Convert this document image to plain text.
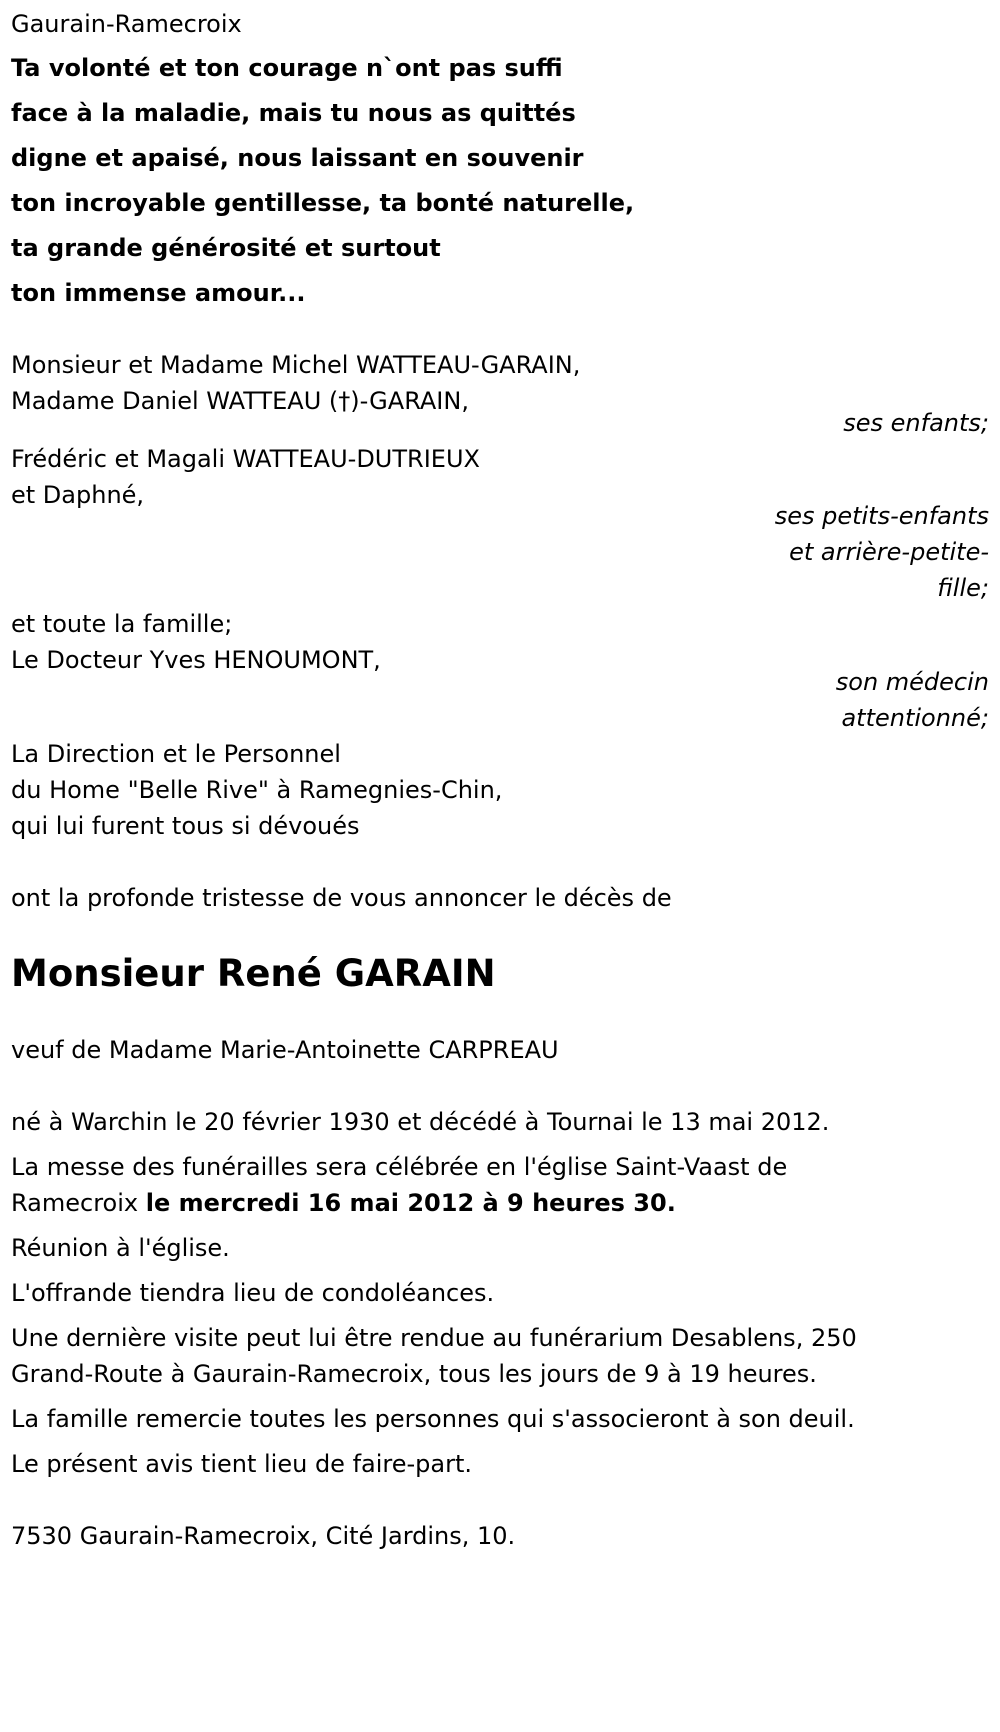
Gaurain-Ramecroix
Ta volonté et ton courage n`ont pas suffi
face à la maladie, mais tu nous as quittés
digne et apaisé, nous laissant en souvenir
ton incroyable gentillesse, ta bonté naturelle,
ta grande générosité et surtout
ton immense amour...
Monsieur et Madame Michel WATTEAU-GARAIN,
Madame Daniel WATTEAU (†)-GARAIN,
ses enfants;
Frédéric et Magali WATTEAU-DUTRIEUX
et Daphné,
ses petits-enfants
et arrière-petite-
fille;
et toute la famille;
Le Docteur Yves HENOUMONT,
son médecin
attentionné;
La Direction et le Personnel
du Home "Belle Rive" à Ramegnies-Chin,
qui lui furent tous si dévoués
ont la profonde tristesse de vous annoncer le décès de
Monsieur René GARAIN
veuf de Madame Marie-Antoinette CARPREAU
né à Warchin le 20 février 1930 et décédé à Tournai le 13 mai 2012.
La messe des funérailles sera célébrée en l'église Saint-Vaast de
Ramecroix le mercredi 16 mai 2012 à 9 heures 30.
Réunion à l'église.
L'offrande tiendra lieu de condoléances.
Une dernière visite peut lui être rendue au funérarium Desablens, 250
Grand-Route à Gaurain-Ramecroix, tous les jours de 9 à 19 heures.
La famille remercie toutes les personnes qui s'associeront à son deuil.
Le présent avis tient lieu de faire-part.
7530 Gaurain-Ramecroix, Cité Jardins, 10.
